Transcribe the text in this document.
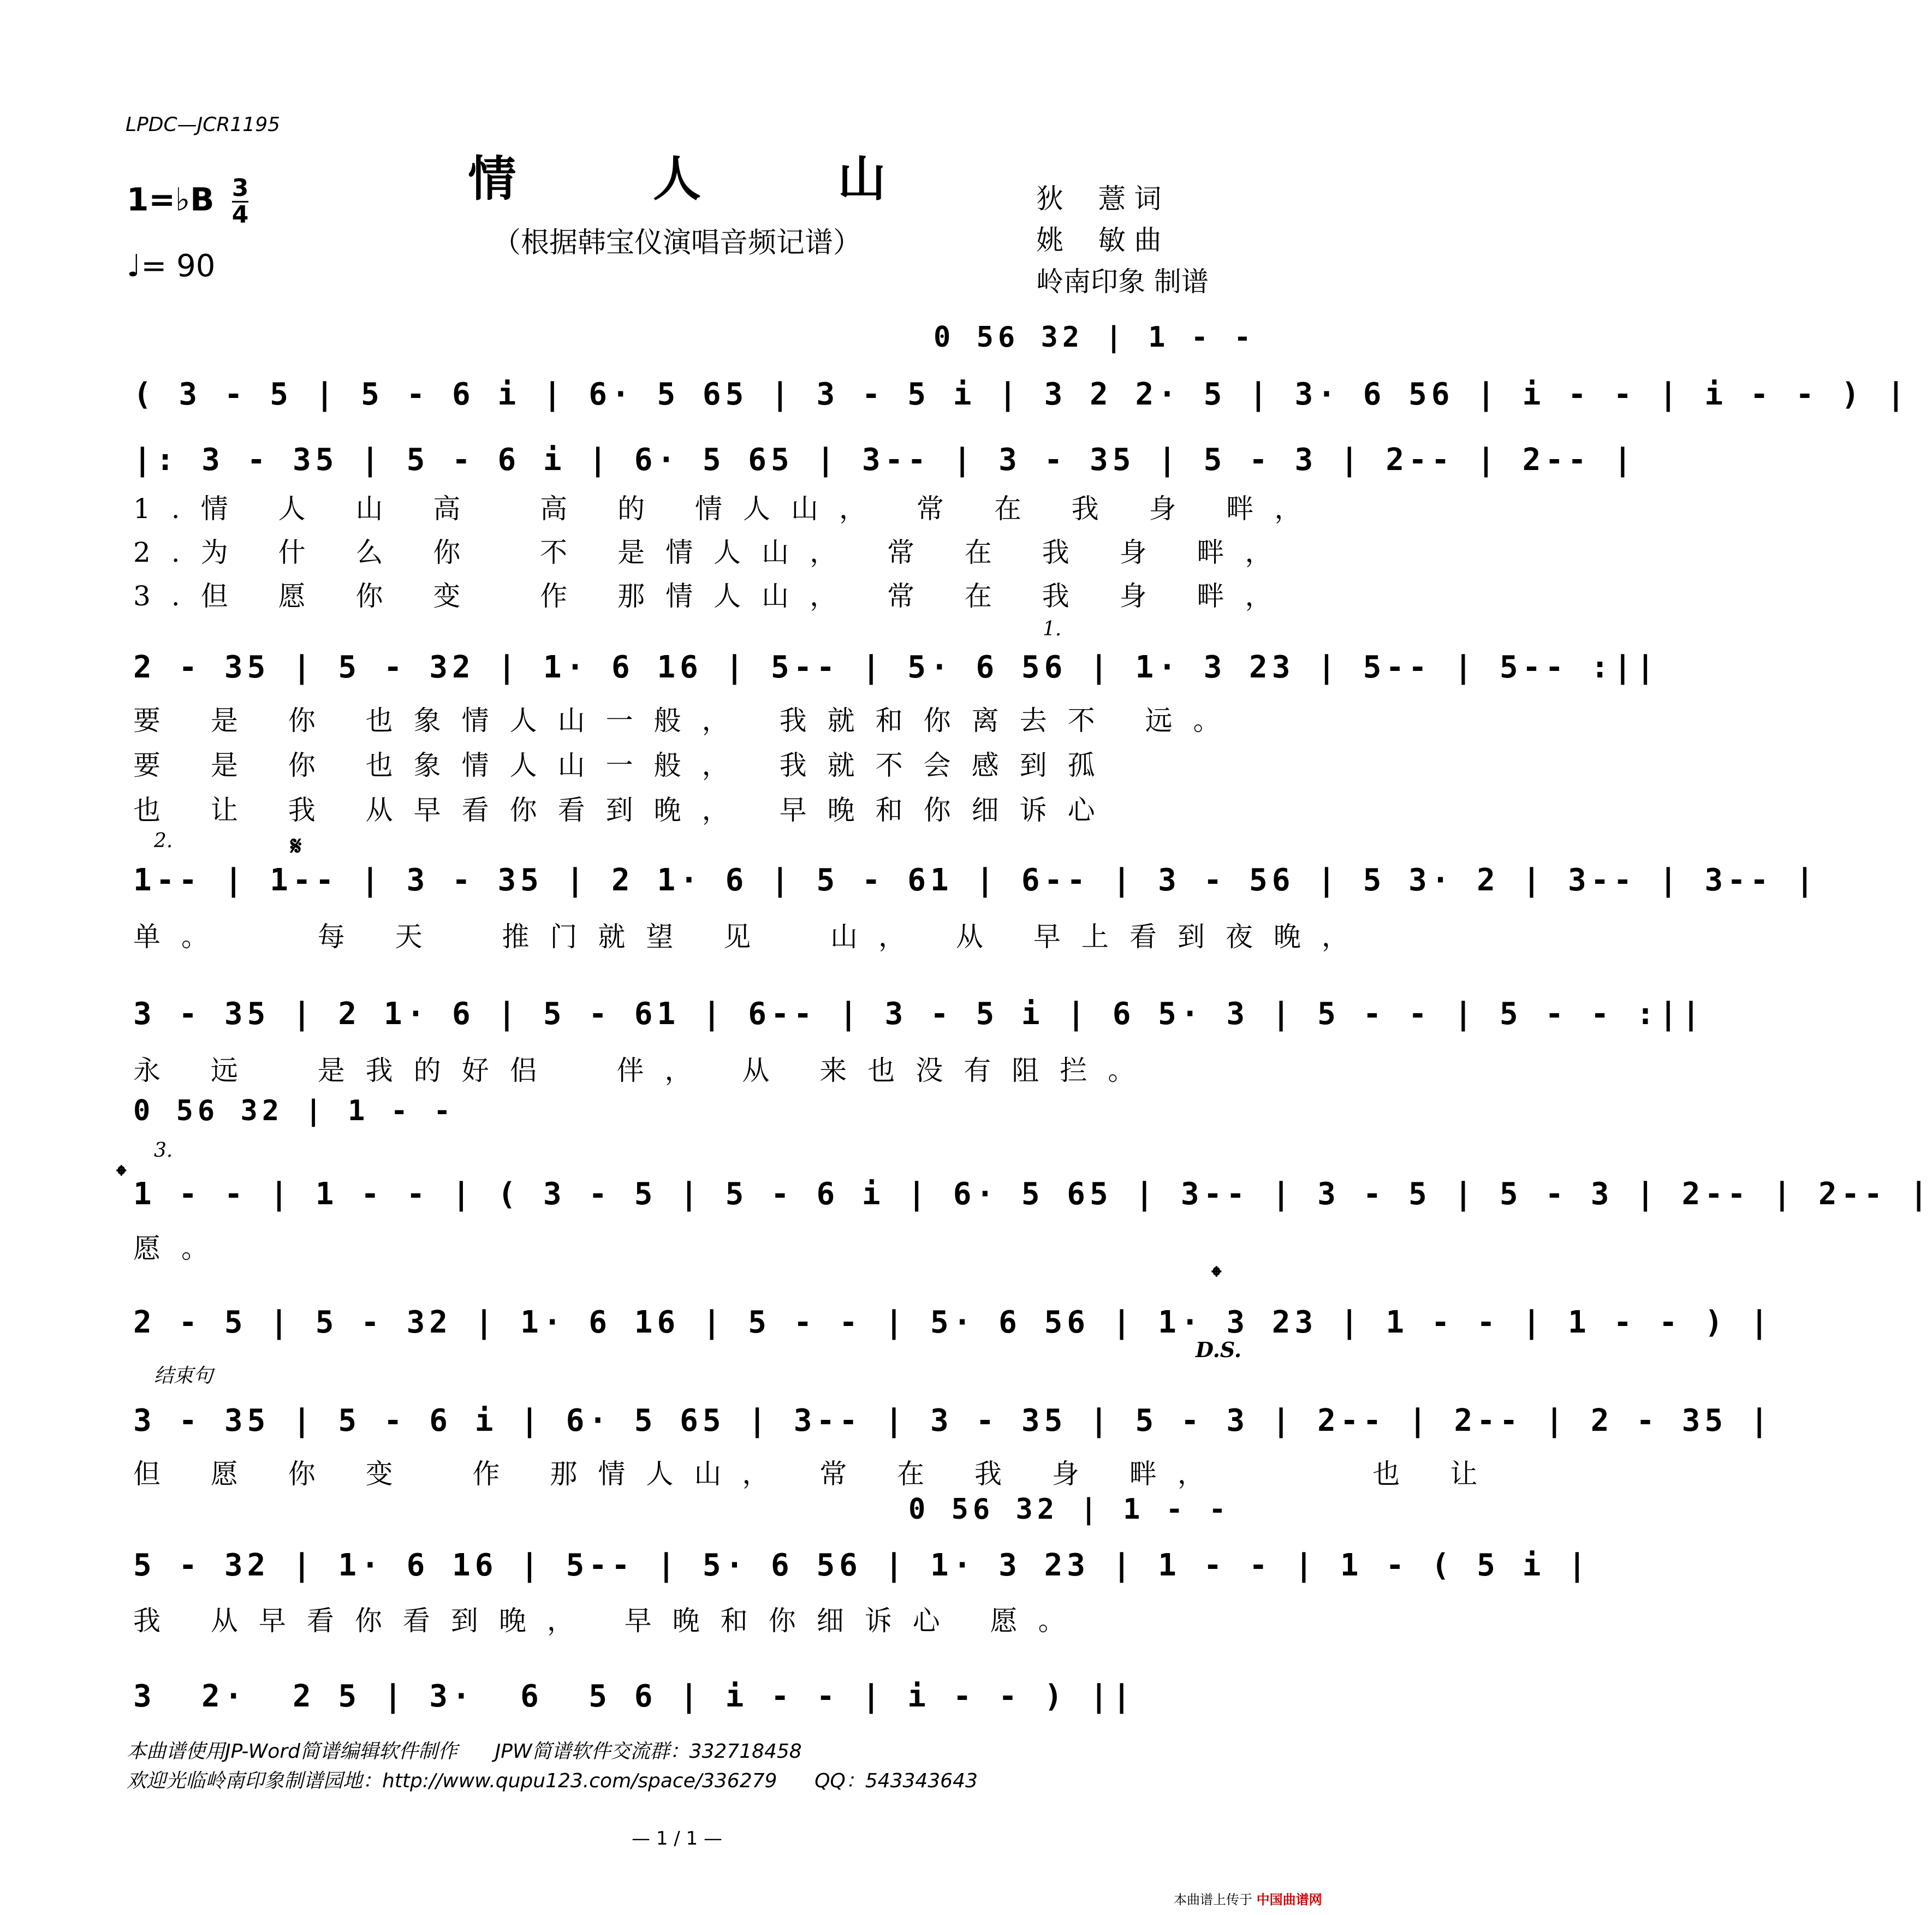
LPDC—JCR1195
情 人 山
（根据韩宝仪演唱音频记谱）
1=♭B $\frac{3}{4}$
♩= 90
狄    薏 词
姚    敏 曲
岭南印象 制谱
0 56 32 | 1 - -
( 3 - 5 | 5 - 6 i | 6· 5 65 | 3 - 5 i | 3 2 2· 5 | 3· 6 56 | i - - | i - - ) |
|: 3 - 35 | 5 - 6 i | 6· 5 65 | 3-- | 3 - 35 | 5 - 3 | 2-- | 2-- |
1.情 人 山 高  高 的 情人山， 常 在 我 身 畔，
2.为 什 么 你  不 是情人山， 常 在 我 身 畔，
3.但 愿 你 变  作 那情人山， 常 在 我 身 畔，
1.
2 - 35 | 5 - 32 | 1· 6 16 | 5-- | 5· 6 56 | 1· 3 23 | 5-- | 5-- :||
要 是 你 也象情人山一般， 我就和你离去不 远。
要 是 你 也象情人山一般， 我就不会感到孤
也 让 我 从早看你看到晚， 早晚和你细诉心
2.	𝄋
1-- | 1-- | 3 - 35 | 2 1· 6 | 5 - 61 | 6-- | 3 - 56 | 5 3· 2 | 3-- | 3-- |
单。   每 天  推门就望 见  山， 从 早上看到夜晚，
3 - 35 | 2 1· 6 | 5 - 61 | 6-- | 3 - 5 i | 6 5· 3 | 5 - - | 5 - - :||
永 远  是我的好侣  伴， 从 来也没有阻拦。
0 56 32 | 1 - -
𝄌
3.
1 - - | 1 - - | ( 3 - 5 | 5 - 6 i | 6· 5 65 | 3-- | 3 - 5 | 5 - 3 | 2-- | 2-- |
愿。
2 - 5 | 5 - 32 | 1· 6 16 | 5 - - | 5· 6 56 | 1· 3 23 | 1 - - | 1 - - ) |
𝄌
D.S.
结束句
3 - 35 | 5 - 6 i | 6· 5 65 | 3-- | 3 - 35 | 5 - 3 | 2-- | 2-- | 2 - 35 |
但 愿 你 变  作 那情人山， 常 在 我 身 畔，     也 让
0 56 32 | 1 - -
5 - 32 | 1· 6 16 | 5-- | 5· 6 56 | 1· 3 23 | 1 - - | 1 - ( 5 i |
我 从早看你看到晚， 早晚和你细诉心 愿。
3  2·  2 5 | 3·  6  5 6 | i - - | i - - ) ||
本曲谱使用JP-Word简谱编辑软件制作      JPW简谱软件交流群：332718458
欢迎光临岭南印象制谱园地：http://www.qupu123.com/space/336279      QQ：543343643
— 1 / 1 —
本曲谱上传于 中国曲谱网
